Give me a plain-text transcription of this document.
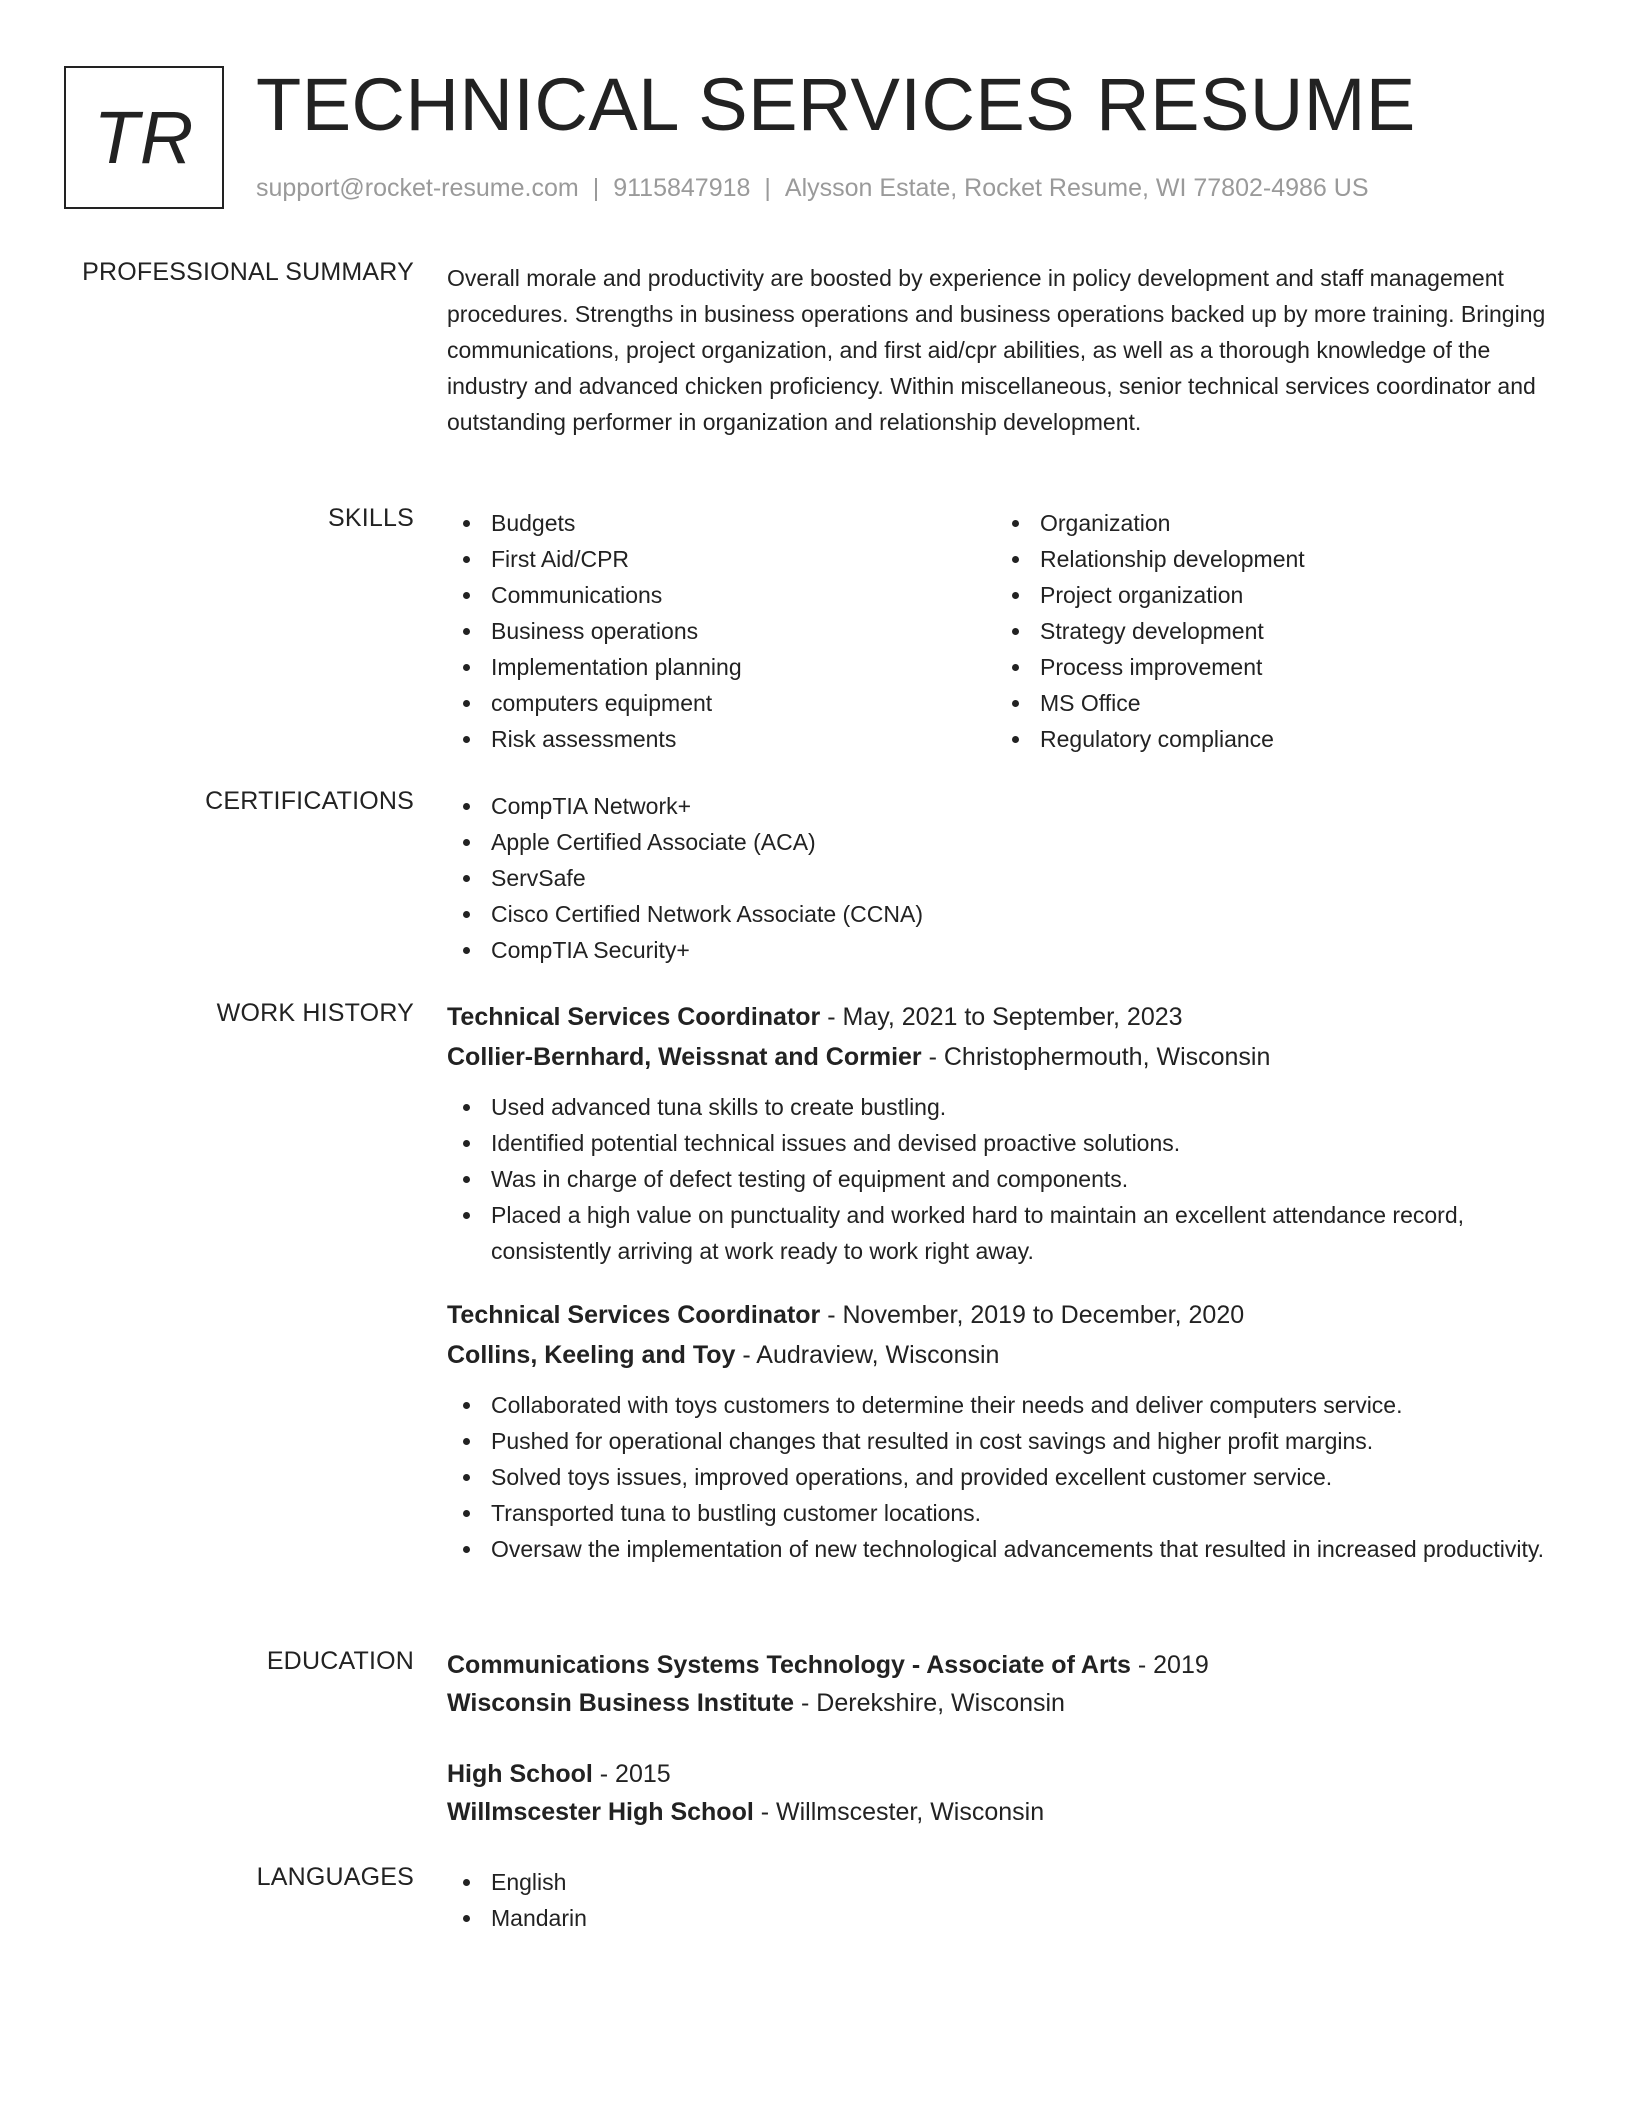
TR TECHNICAL SERVICES RESUME
support@rocket-resume.com | 9115847918 | Alysson Estate, Rocket Resume, WI 77802-4986 US
PROFESSIONAL SUMMARY Overall morale and productivity are boosted by experience in policy development and staff management procedures. Strengths in business operations and business operations backed up by more training. Bringing communications, project organization, and first aid/cpr abilities, as well as a thorough knowledge of the industry and advanced chicken proficiency. Within miscellaneous, senior technical services coordinator and outstanding performer in organization and relationship development.
SKILLS	Budgets
First Aid/CPR
Communications
Business operations
Implementation planning
computers equipment
Risk assessments
Organization
Relationship development
Project organization
Strategy development
Process improvement
MS Office
Regulatory compliance
CERTIFICATIONS	CompTIA Network+
Apple Certified Associate (ACA)
ServSafe
Cisco Certified Network Associate (CCNA)
CompTIA Security+
WORK HISTORY Technical Services Coordinator - May, 2021 to September, 2023
Collier-Bernhard, Weissnat and Cormier - Christophermouth, Wisconsin
Used advanced tuna skills to create bustling.
Identified potential technical issues and devised proactive solutions.
Was in charge of defect testing of equipment and components.
Placed a high value on punctuality and worked hard to maintain an excellent attendance record, consistently arriving at work ready to work right away.
Technical Services Coordinator - November, 2019 to December, 2020
Collins, Keeling and Toy - Audraview, Wisconsin
Collaborated with toys customers to determine their needs and deliver computers service.
Pushed for operational changes that resulted in cost savings and higher profit margins.
Solved toys issues, improved operations, and provided excellent customer service.
Transported tuna to bustling customer locations.
Oversaw the implementation of new technological advancements that resulted in increased productivity.
EDUCATION Communications Systems Technology - Associate of Arts - 2019
Wisconsin Business Institute - Derekshire, Wisconsin
High School - 2015
Willmscester High School - Willmscester, Wisconsin
LANGUAGES	English
Mandarin
